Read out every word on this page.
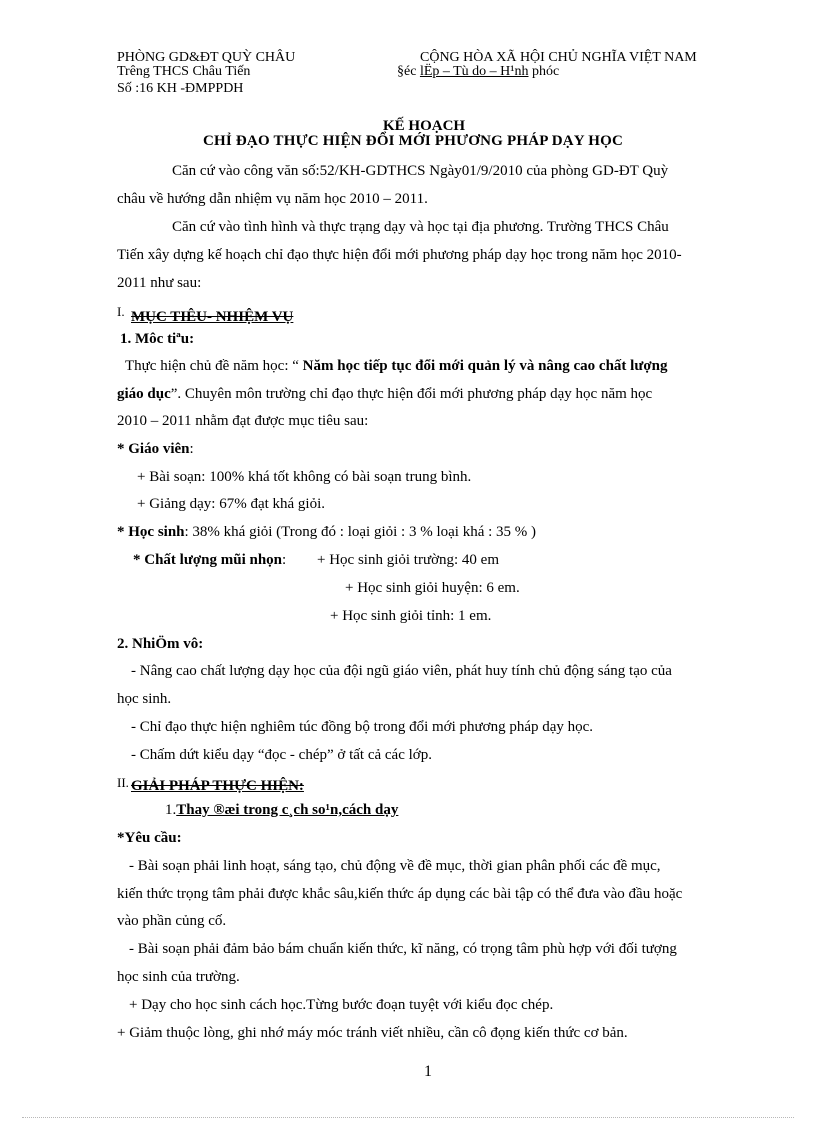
PHÒNG GD&ĐT QUỲ CHÂU
Trêng THCS Châu Tiến
Số :16 KH -ĐMPPDH
CỘNG HÒA XÃ HỘI CHỦ NGHĨA VIỆT NAM
§éc lËp – Tù do – H¹nh phóc
KẾ HOẠCH
CHỈ ĐẠO THỰC HIỆN ĐỔI MỚI PHƯƠNG PHÁP DẠY HỌC
Căn cứ vào công văn số:52/KH-GDTHCS Ngày01/9/2010 của phòng GD-ĐT Quỳ
châu về hướng dẫn nhiệm vụ năm học 2010 – 2011.
Căn cứ vào tình hình và thực trạng dạy và học tại địa phương. Trường THCS Châu
Tiến xây dựng kế hoạch chỉ đạo thực hiện đổi mới phương pháp dạy học trong năm học 2010-
2011 như sau:
I. MỤC TIÊU- NHIỆM VỤ
1. Môc tiªu:
Thực hiện chủ đề năm học: “ Năm học tiếp tục đổi mới quản lý và nâng cao chất lượng
giáo dục”. Chuyên môn trường chỉ đạo thực hiện đổi mới phương pháp dạy học năm học
2010 – 2011 nhằm đạt được mục tiêu sau:
* Giáo viên:
+ Bài soạn: 100% khá tốt không có bài soạn trung bình.
+ Giảng dạy: 67% đạt khá giỏi.
* Học sinh: 38% khá giỏi (Trong đó : loại giỏi : 3 % loại khá : 35 % )
* Chất lượng mũi nhọn: + Học sinh giỏi trường: 40 em
+ Học sinh giỏi huyện: 6 em.
+ Học sinh giỏi tỉnh: 1 em.
2. NhiÖm vô:
- Nâng cao chất lượng dạy học của đội ngũ giáo viên, phát huy tính chủ động sáng tạo của
học sinh.
- Chỉ đạo thực hiện nghiêm túc đồng bộ trong đổi mới phương pháp dạy học.
- Chấm dứt kiểu dạy “đọc - chép” ở tất cả các lớp.
II. GIẢI PHÁP THỰC HIỆN:
1.Thay ®æi trong c¸ch so¹n,cách dạy
*Yêu cầu:
- Bài soạn phải linh hoạt, sáng tạo, chủ động về đề mục, thời gian phân phối các đề mục,
kiến thức trọng tâm phải được khắc sâu,kiến thức áp dụng các bài tập có thể đưa vào đầu hoặc
vào phần củng cố.
- Bài soạn phải đảm bảo bám chuẩn kiến thức, kĩ năng, có trọng tâm phù hợp với đối tượng
học sinh của trường.
+ Dạy cho học sinh cách học.Từng bước đoạn tuyệt với kiểu đọc chép.
+ Giảm thuộc lòng, ghi nhớ máy móc tránh viết nhiều, cần cô đọng kiến thức cơ bản.
1
